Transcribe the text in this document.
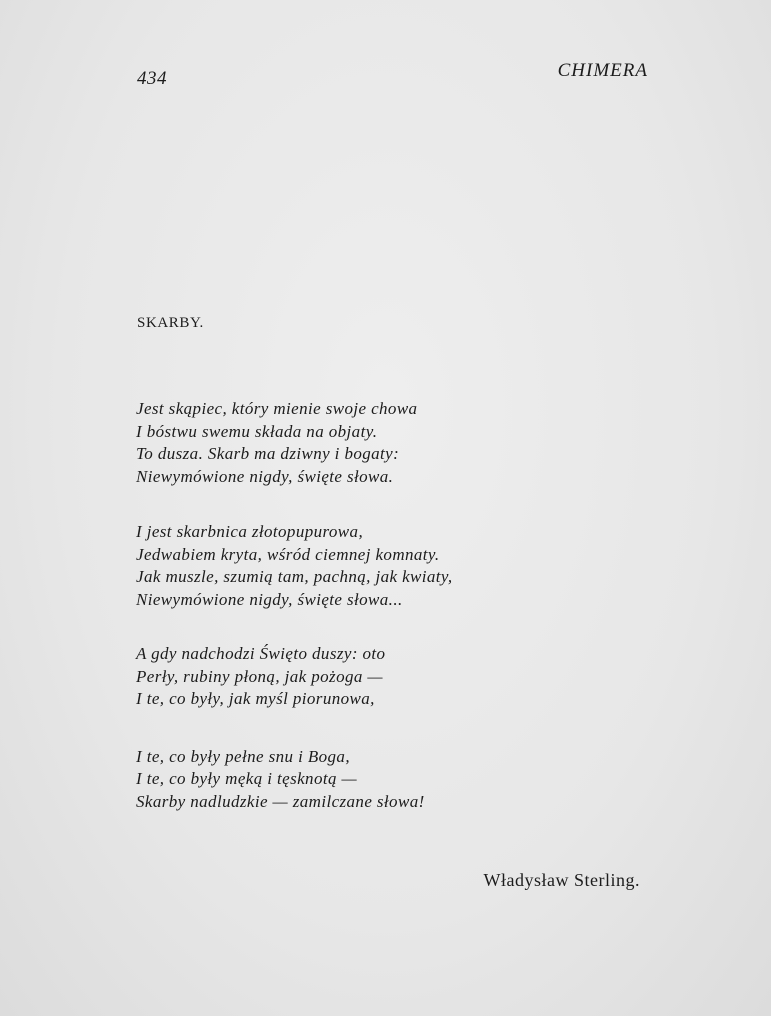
434	CHIMERA
SKARBY.
Jest skąpiec, który mienie swoje chowa
I bóstwu swemu składa na objaty.
To dusza. Skarb ma dziwny i bogaty:
Niewymówione nigdy, święte słowa.
I jest skarbnica złotopupurowa,
Jedwabiem kryta, wśród ciemnej komnaty.
Jak muszle, szumią tam, pachną, jak kwiaty,
Niewymówione nigdy, święte słowa...
A gdy nadchodzi Święto duszy: oto
Perły, rubiny płoną, jak pożoga —
I te, co były, jak myśl piorunowa,
I te, co były pełne snu i Boga,
I te, co były męką i tęsknotą —
Skarby nadludzkie — zamilczane słowa!
Władysław Sterling.
